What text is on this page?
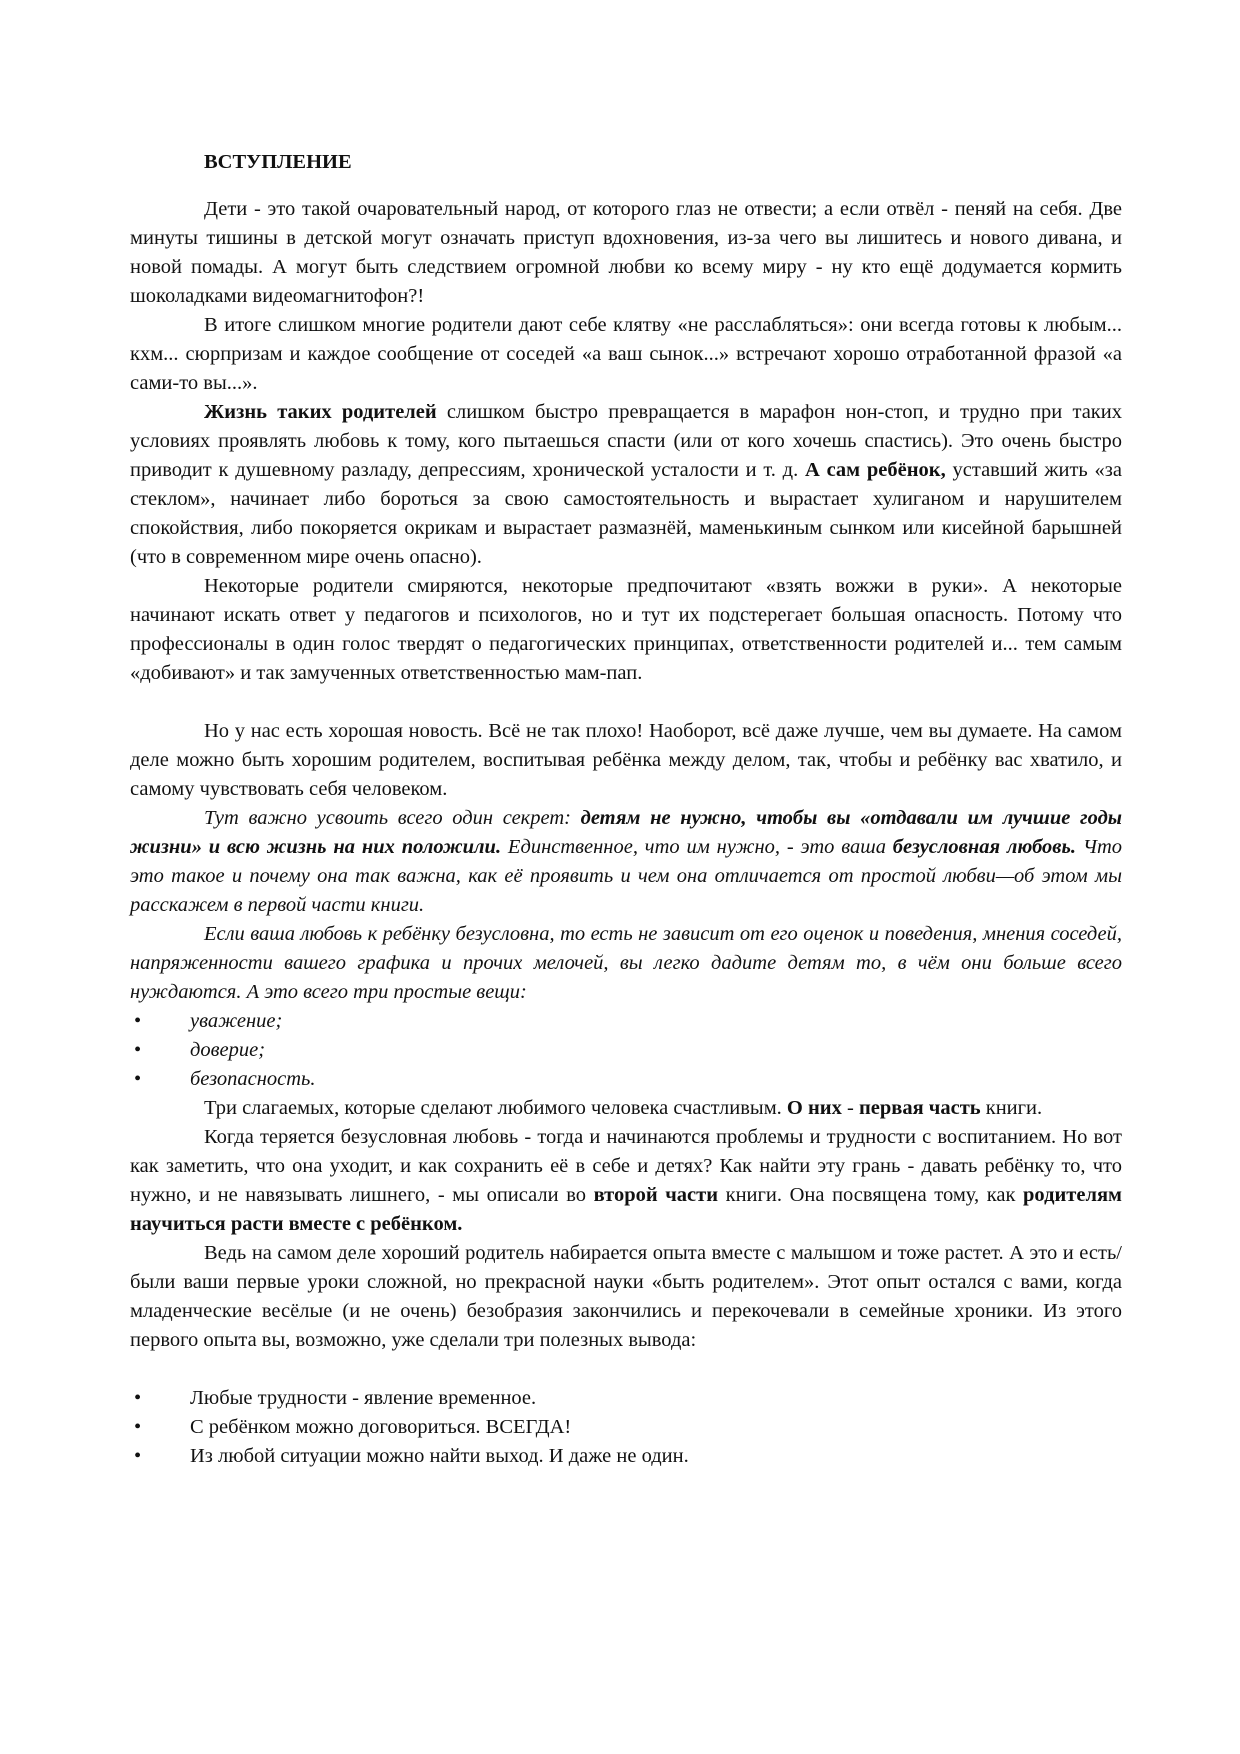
ВСТУПЛЕНИЕ

Дети - это такой очаровательный народ, от которого глаз не отвести; а если отвёл - пеняй на себя. Две минуты тишины в детской могут означать приступ вдохновения, из-за чего вы лишитесь и нового дивана, и новой помады. А могут быть следствием огромной любви ко всему миру - ну кто ещё додумается кормить шоколадками видеомагнитофон?!

В итоге слишком многие родители дают себе клятву «не расслабляться»: они всегда готовы к любым... кхм... сюрпризам и каждое сообщение от соседей «а ваш сынок...» встречают хорошо отработанной фразой «а сами-то вы...».

Жизнь таких родителей слишком быстро превращается в марафон нон-стоп, и трудно при таких условиях проявлять любовь к тому, кого пытаешься спасти (или от кого хочешь спастись). Это очень быстро приводит к душевному разладу, депрессиям, хронической усталости и т. д. А сам ребёнок, уставший жить «за стеклом», начинает либо бороться за свою самостоятельность и вырастает хулиганом и нарушителем спокойствия, либо покоряется окрикам и вырастает размазнёй, маменькиным сынком или кисейной барышней (что в современном мире очень опасно).

Некоторые родители смиряются, некоторые предпочитают «взять вожжи в руки». А некоторые начинают искать ответ у педагогов и психологов, но и тут их подстерегает большая опасность. Потому что профессионалы в один голос твердят о педагогических принципах, ответственности родителей и... тем самым «добивают» и так замученных ответственностью мам-пап.

Но у нас есть хорошая новость. Всё не так плохо! Наоборот, всё даже лучше, чем вы думаете. На самом деле можно быть хорошим родителем, воспитывая ребёнка между делом, так, чтобы и ребёнку вас хватило, и самому чувствовать себя человеком.

Тут важно усвоить всего один секрет: детям не нужно, чтобы вы «отдавали им лучшие годы жизни» и всю жизнь на них положили. Единственное, что им нужно, - это ваша безусловная любовь. Что это такое и почему она так важна, как её проявить и чем она отличается от простой любви—об этом мы расскажем в первой части книги.

Если ваша любовь к ребёнку безусловна, то есть не зависит от его оценок и поведения, мнения соседей, напряженности вашего графика и прочих мелочей, вы легко дадите детям то, в чём они больше всего нуждаются. А это всего три простые вещи:

• уважение;
• доверие;
• безопасность.

Три слагаемых, которые сделают любимого человека счастливым. О них - первая часть книги.

Когда теряется безусловная любовь - тогда и начинаются проблемы и трудности с воспитанием. Но вот как заметить, что она уходит, и как сохранить её в себе и детях? Как найти эту грань - давать ребёнку то, что нужно, и не навязывать лишнего, - мы описали во второй части книги. Она посвящена тому, как родителям научиться расти вместе с ребёнком.

Ведь на самом деле хороший родитель набирается опыта вместе с малышом и тоже растет. А это и есть/были ваши первые уроки сложной, но прекрасной науки «быть родителем». Этот опыт остался с вами, когда младенческие весёлые (и не очень) безобразия закончились и перекочевали в семейные хроники. Из этого первого опыта вы, возможно, уже сделали три полезных вывода:

• Любые трудности - явление временное.
• С ребёнком можно договориться. ВСЕГДА!
• Из любой ситуации можно найти выход. И даже не один.
